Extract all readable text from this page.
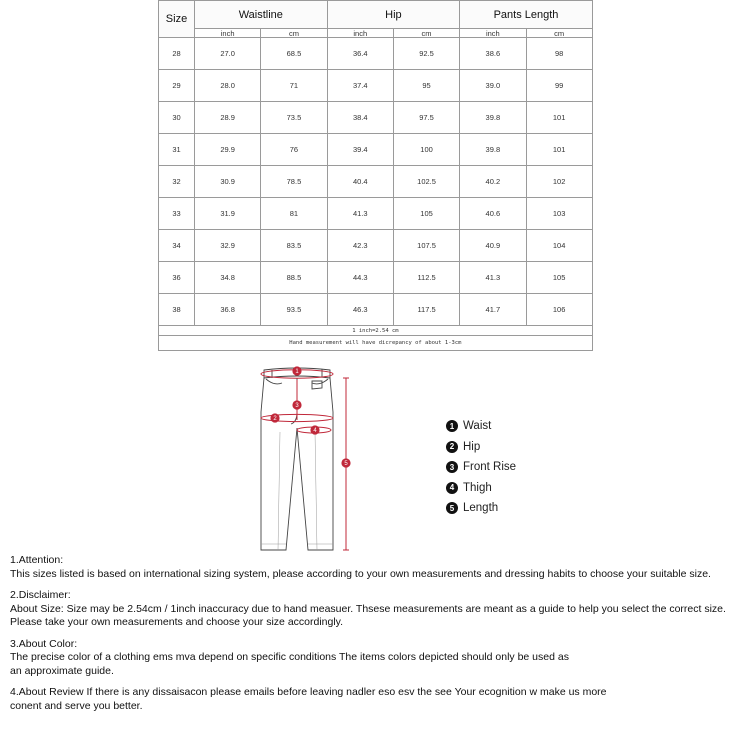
Size	Waistline		Hip		Pants Length	
	inch	cm	inch	cm	inch	cm
28	27.0	68.5	36.4	92.5	38.6	98
29	28.0	71	37.4	95	39.0	99
30	28.9	73.5	38.4	97.5	39.8	101
31	29.9	76	39.4	100	39.8	101
32	30.9	78.5	40.4	102.5	40.2	102
33	31.9	81	41.3	105	40.6	103
34	32.9	83.5	42.3	107.5	40.9	104
36	34.8	88.5	44.3	112.5	41.3	105
38	36.8	93.5	46.3	117.5	41.7	106
1 inch=2.54 cm						
Hand measurement will have dicrepancy of about 1-3cm						
1
3
2
4
5
1 Waist
2 Hip
3 Front Rise
4 Thigh
5 Length

1.Attention:

This sizes listed is based on international sizing system, please according to your own measurements and dressing habits to choose your suitable size.

2.Disclaimer:

About Size: Size may be 2.54cm / 1inch inaccuracy due to hand measuer. Thsese measurements are meant as a guide to help you select the correct size.

Please take your own measurements and choose your size accordingly.

3.About Color:

The precise color of a clothing ems mva depend on specific conditions The items colors depicted should only be used as

an approximate guide.

4.About Review If there is any dissaisacon please emails before leaving nadler eso esv the see Your ecognition w make us more

conent and serve you better.
